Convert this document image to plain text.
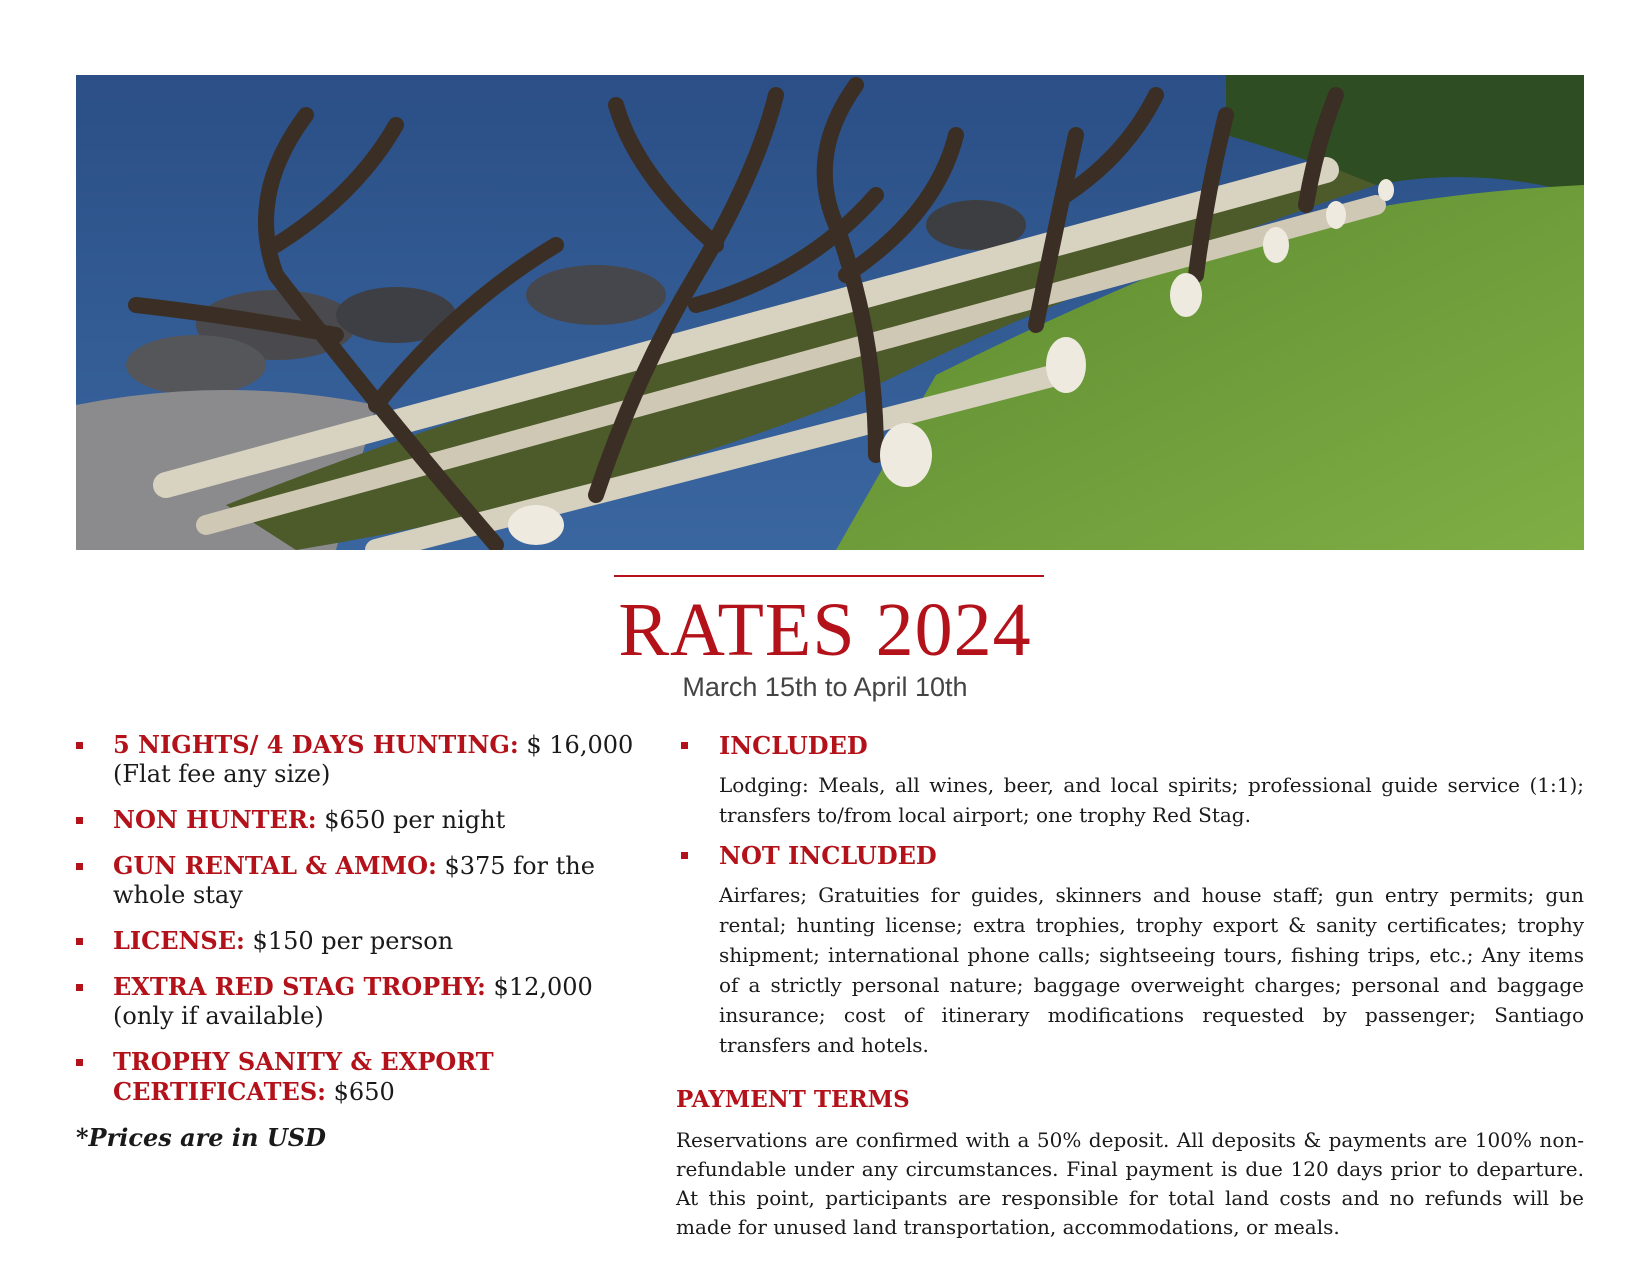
RATES 2024
March 15th to April 10th
5 NIGHTS/ 4 DAYS HUNTING: $ 16,000 (Flat fee any size)
NON HUNTER: $650 per night
GUN RENTAL & AMMO: $375 for the whole stay
LICENSE: $150 per person
EXTRA RED STAG TROPHY: $12,000 (only if available)
TROPHY SANITY & EXPORT CERTIFICATES: $650
*Prices are in USD
INCLUDED
Lodging: Meals, all wines, beer, and local spirits; professional guide service (1:1); transfers to/from local airport; one trophy Red Stag.
NOT INCLUDED
Airfares; Gratuities for guides, skinners and house staff; gun entry permits; gun rental; hunting license; extra trophies, trophy export & sanity certificates; trophy shipment; international phone calls; sightseeing tours, fishing trips, etc.; Any items of a strictly personal nature; baggage overweight charges; personal and baggage insurance; cost of itinerary modifications requested by passenger; Santiago transfers and hotels.
PAYMENT TERMS
Reservations are confirmed with a 50% deposit. All deposits & payments are 100% non-refundable under any circumstances. Final payment is due 120 days prior to departure. At this point, participants are responsible for total land costs and no refunds will be made for unused land transportation, accommodations, or meals.
